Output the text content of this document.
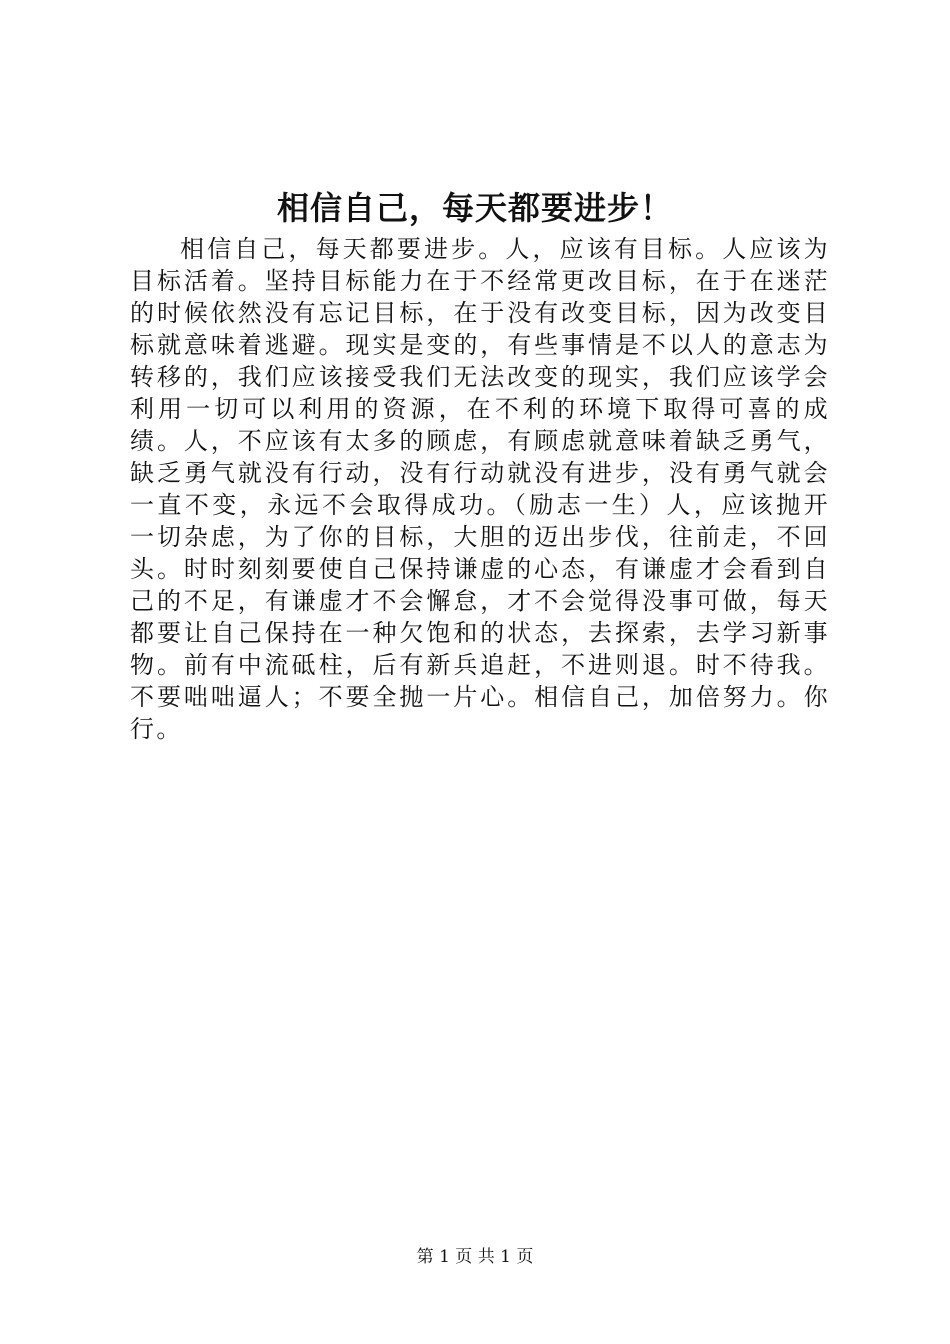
相信自己，每天都要进步！

相信自己，每天都要进步。人，应该有目标。人应该为目标活着。坚持目标能力在于不经常更改目标，在于在迷茫的时候依然没有忘记目标，在于没有改变目标，因为改变目标就意味着逃避。现实是变的，有些事情是不以人的意志为转移的，我们应该接受我们无法改变的现实，我们应该学会利用一切可以利用的资源，在不利的环境下取得可喜的成绩。人，不应该有太多的顾虑，有顾虑就意味着缺乏勇气，缺乏勇气就没有行动，没有行动就没有进步，没有勇气就会一直不变，永远不会取得成功。（励志一生）人，应该抛开一切杂虑，为了你的目标，大胆的迈出步伐，往前走，不回头。时时刻刻要使自己保持谦虚的心态，有谦虚才会看到自己的不足，有谦虚才不会懈怠，才不会觉得没事可做，每天都要让自己保持在一种欠饱和的状态，去探索，去学习新事物。前有中流砥柱，后有新兵追赶，不进则退。时不待我。不要咄咄逼人；不要全抛一片心。相信自己，加倍努力。你行。

第 1 页 共 1 页
